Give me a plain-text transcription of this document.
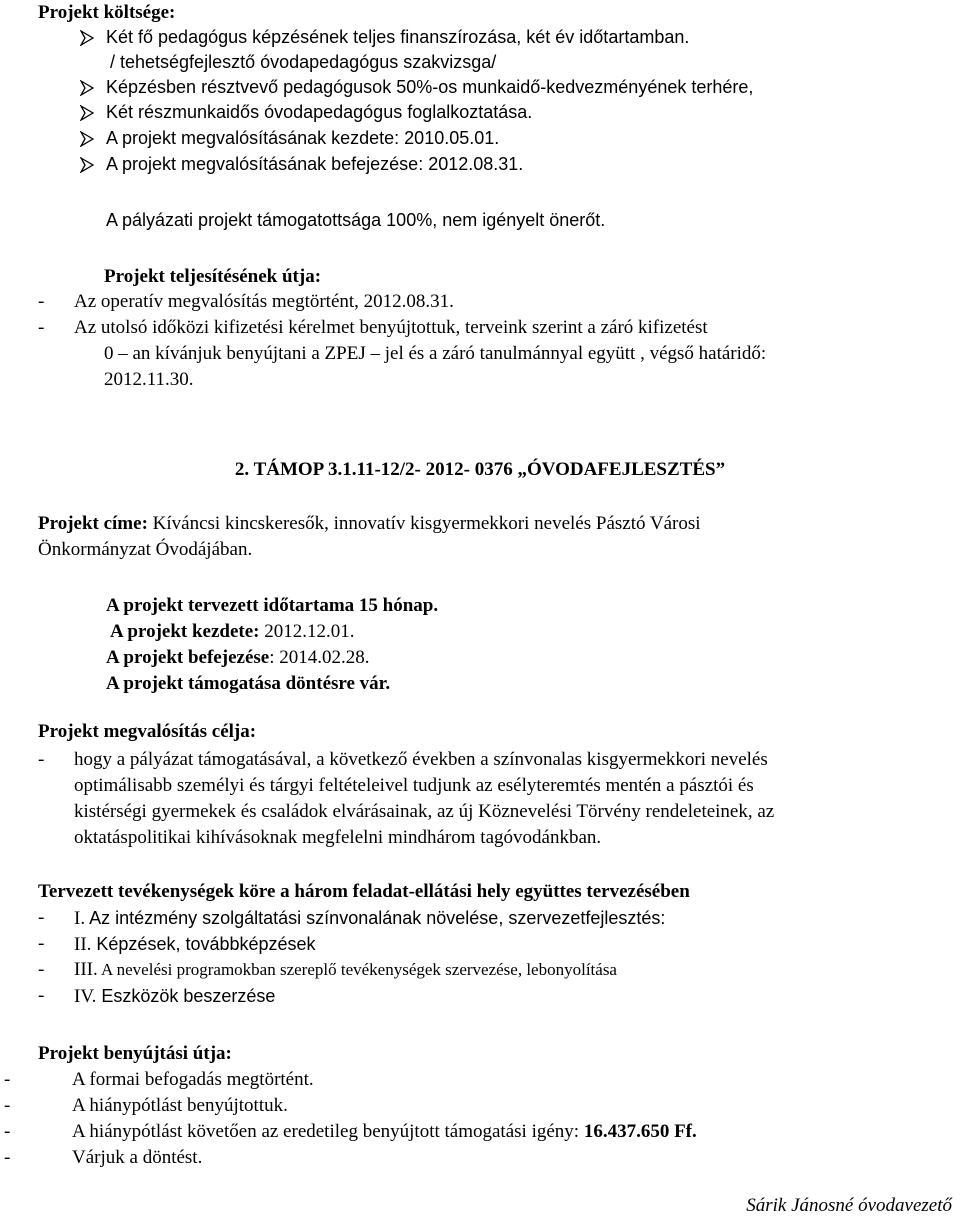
Projekt költsége:
Két fő pedagógus képzésének teljes finanszírozása, két év időtartamban.
/ tehetségfejlesztő óvodapedagógus szakvizsga/
Képzésben résztvevő pedagógusok 50%-os munkaidő-kedvezményének terhére,
Két részmunkaidős óvodapedagógus foglalkoztatása.
A projekt megvalósításának kezdete: 2010.05.01.
A projekt megvalósításának befejezése: 2012.08.31.
A pályázati projekt támogatottsága 100%, nem igényelt önerőt.
Projekt teljesítésének útja:
- Az operatív megvalósítás megtörtént, 2012.08.31.
- Az utolsó időközi kifizetési kérelmet benyújtottuk, terveink szerint a záró kifizetést
0 – an kívánjuk benyújtani a ZPEJ – jel és a záró tanulmánnyal együtt , végső határidő:
2012.11.30.
2. TÁMOP 3.1.11-12/2- 2012- 0376 „ÓVODAFEJLESZTÉS”
Projekt címe: Kíváncsi kincskeresők, innovatív kisgyermekkori nevelés Pásztó Városi
Önkormányzat Óvodájában.
A projekt tervezett időtartama 15 hónap.
A projekt kezdete: 2012.12.01.
A projekt befejezése: 2014.02.28.
A projekt támogatása döntésre vár.
Projekt megvalósítás célja:
- hogy a pályázat támogatásával, a következő években a színvonalas kisgyermekkori nevelés
optimálisabb személyi és tárgyi feltételeivel tudjunk az esélyteremtés mentén a pásztói és
kistérségi gyermekek és családok elvárásainak, az új Köznevelési Törvény rendeleteinek, az
oktatáspolitikai kihívásoknak megfelelni mindhárom tagóvodánkban.
Tervezett tevékenységek köre a három feladat-ellátási hely együttes tervezésében
- I. Az intézmény szolgáltatási színvonalának növelése, szervezetfejlesztés:
- II. Képzések, továbbképzések
- III. A nevelési programokban szereplő tevékenységek szervezése, lebonyolítása
- IV. Eszközök beszerzése
Projekt benyújtási útja:
-	A formai befogadás megtörtént.
-	A hiánypótlást benyújtottuk.
-	A hiánypótlást követően az eredetileg benyújtott támogatási igény: 16.437.650 Ff.
-	Várjuk a döntést.
Sárik Jánosné óvodavezető
